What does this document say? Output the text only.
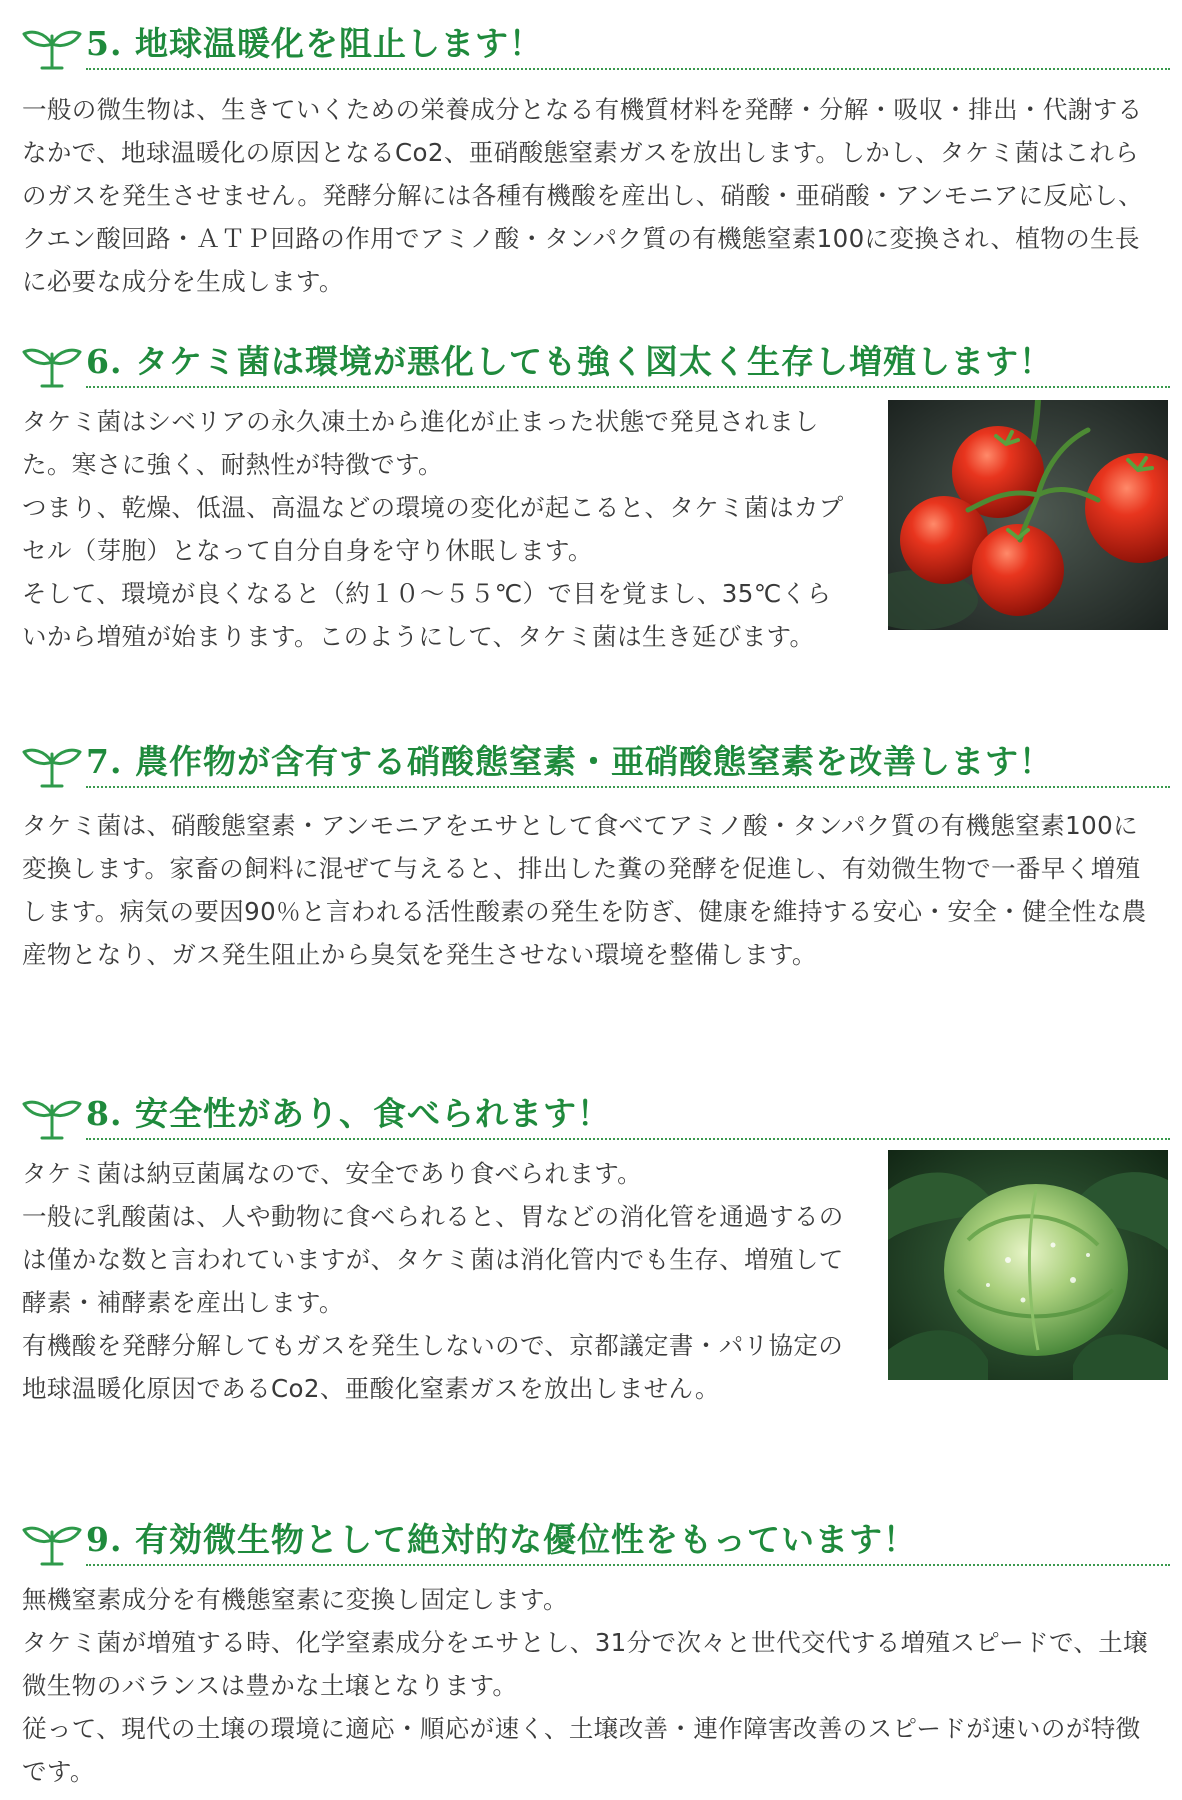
5. 地球温暖化を阻止します！

一般の微生物は、生きていくための栄養成分となる有機質材料を発酵・分解・吸収・排出・代謝するなかで、地球温暖化の原因となるCo2、亜硝酸態窒素ガスを放出します。しかし、タケミ菌はこれらのガスを発生させません。発酵分解には各種有機酸を産出し、硝酸・亜硝酸・アンモニアに反応し、クエン酸回路・ＡＴＰ回路の作用でアミノ酸・タンパク質の有機態窒素100に変換され、植物の生長に必要な成分を生成します。

6. タケミ菌は環境が悪化しても強く図太く生存し増殖します！

タケミ菌はシベリアの永久凍土から進化が止まった状態で発見されました。寒さに強く、耐熱性が特徴です。

つまり、乾燥、低温、高温などの環境の変化が起こると、タケミ菌はカプセル（芽胞）となって自分自身を守り休眠します。

そして、環境が良くなると（約１０～５５℃）で目を覚まし、35℃くらいから増殖が始まります。このようにして、タケミ菌は生き延びます。

7. 農作物が含有する硝酸態窒素・亜硝酸態窒素を改善します！

タケミ菌は、硝酸態窒素・アンモニアをエサとして食べてアミノ酸・タンパク質の有機態窒素100に変換します。家畜の飼料に混ぜて与えると、排出した糞の発酵を促進し、有効微生物で一番早く増殖します。病気の要因90％と言われる活性酸素の発生を防ぎ、健康を維持する安心・安全・健全性な農産物となり、ガス発生阻止から臭気を発生させない環境を整備します。

8. 安全性があり、食べられます！

タケミ菌は納豆菌属なので、安全であり食べられます。

一般に乳酸菌は、人や動物に食べられると、胃などの消化管を通過するのは僅かな数と言われていますが、タケミ菌は消化管内でも生存、増殖して酵素・補酵素を産出します。

有機酸を発酵分解してもガスを発生しないので、京都議定書・パリ協定の地球温暖化原因であるCo2、亜酸化窒素ガスを放出しません。

9. 有効微生物として絶対的な優位性をもっています！

無機窒素成分を有機態窒素に変換し固定します。

タケミ菌が増殖する時、化学窒素成分をエサとし、31分で次々と世代交代する増殖スピードで、土壌微生物のバランスは豊かな土壌となります。

従って、現代の土壌の環境に適応・順応が速く、土壌改善・連作障害改善のスピードが速いのが特徴です。
